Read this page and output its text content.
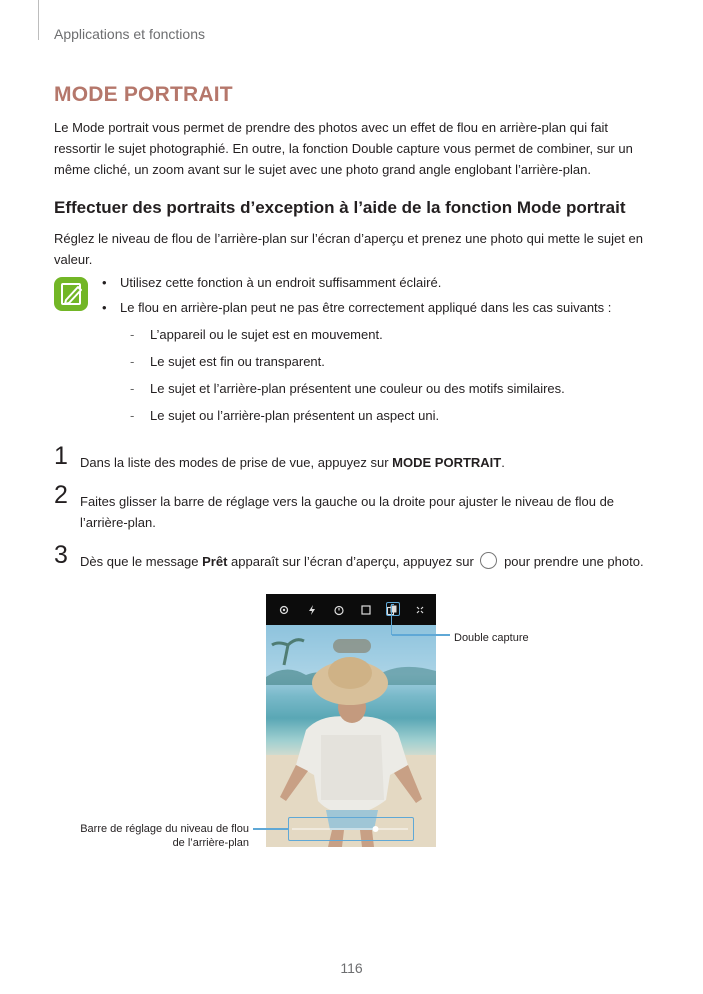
Applications et fonctions
MODE PORTRAIT
Le Mode portrait vous permet de prendre des photos avec un effet de flou en arrière-plan qui fait ressortir le sujet photographié. En outre, la fonction Double capture vous permet de combiner, sur un même cliché, un zoom avant sur le sujet avec une photo grand angle englobant l’arrière-plan.
Effectuer des portraits d’exception à l’aide de la fonction Mode portrait
Réglez le niveau de flou de l’arrière-plan sur l’écran d’aperçu et prenez une photo qui mette le sujet en valeur.
• Utilisez cette fonction à un endroit suffisamment éclairé.
• Le flou en arrière-plan peut ne pas être correctement appliqué dans les cas suivants :
- L’appareil ou le sujet est en mouvement.
- Le sujet est fin ou transparent.
- Le sujet et l’arrière-plan présentent une couleur ou des motifs similaires.
- Le sujet ou l’arrière-plan présentent un aspect uni.
1 Dans la liste des modes de prise de vue, appuyez sur MODE PORTRAIT.
2 Faites glisser la barre de réglage vers la gauche ou la droite pour ajuster le niveau de flou de l’arrière-plan.
3 Dès que le message Prêt apparaît sur l’écran d’aperçu, appuyez sur  pour prendre une photo.
Double capture
Barre de réglage du niveau de flou
de l’arrière-plan
116
